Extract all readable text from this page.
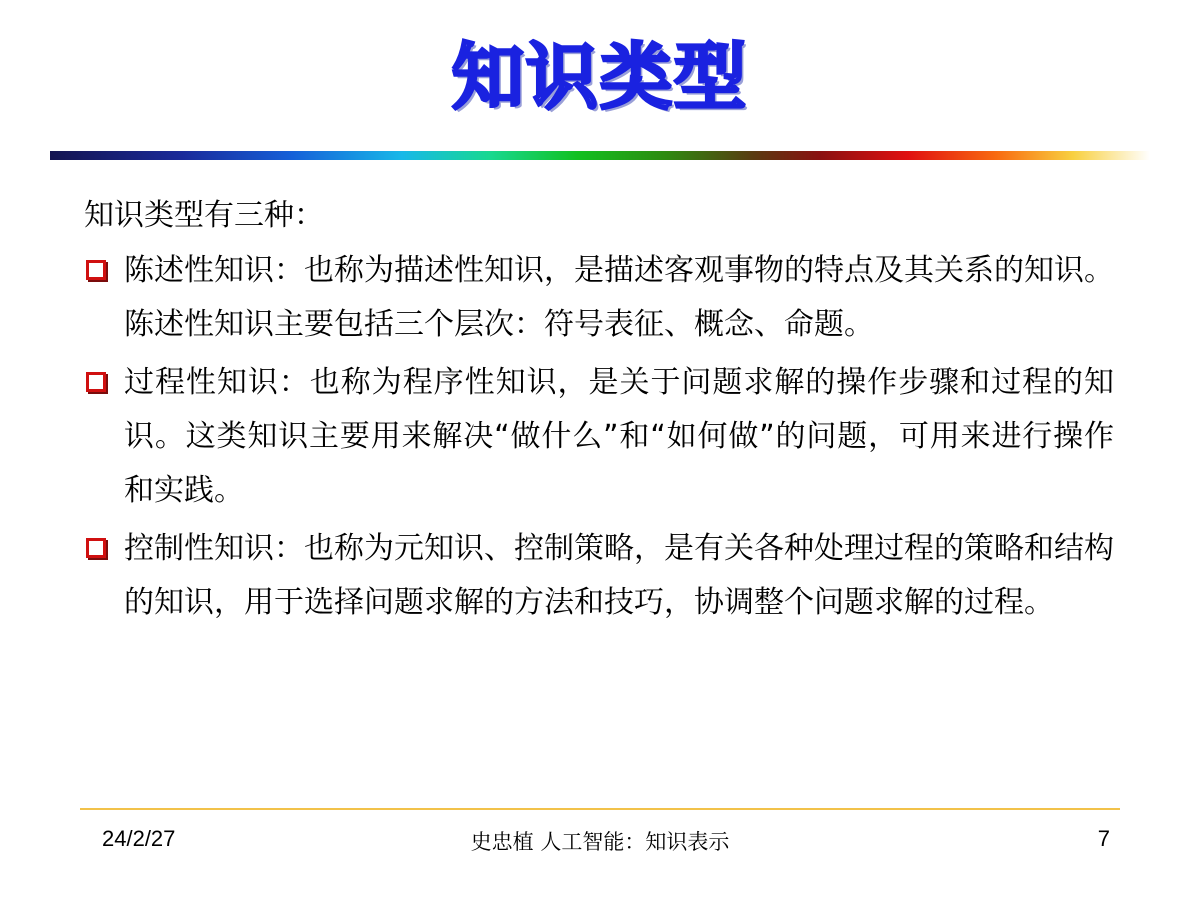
知识类型

知识类型有三种：

陈述性知识：也称为描述性知识，是描述客观事物的特点及其关系的知识。陈述性知识主要包括三个层次：符号表征、概念、命题。
过程性知识：也称为程序性知识，是关于问题求解的操作步骤和过程的知识。这类知识主要用来解决“做什么”和“如何做”的问题，可用来进行操作和实践。
控制性知识：也称为元知识、控制策略，是有关各种处理过程的策略和结构的知识，用于选择问题求解的方法和技巧，协调整个问题求解的过程。
24/2/27	史忠植 人工智能：知识表示	7
